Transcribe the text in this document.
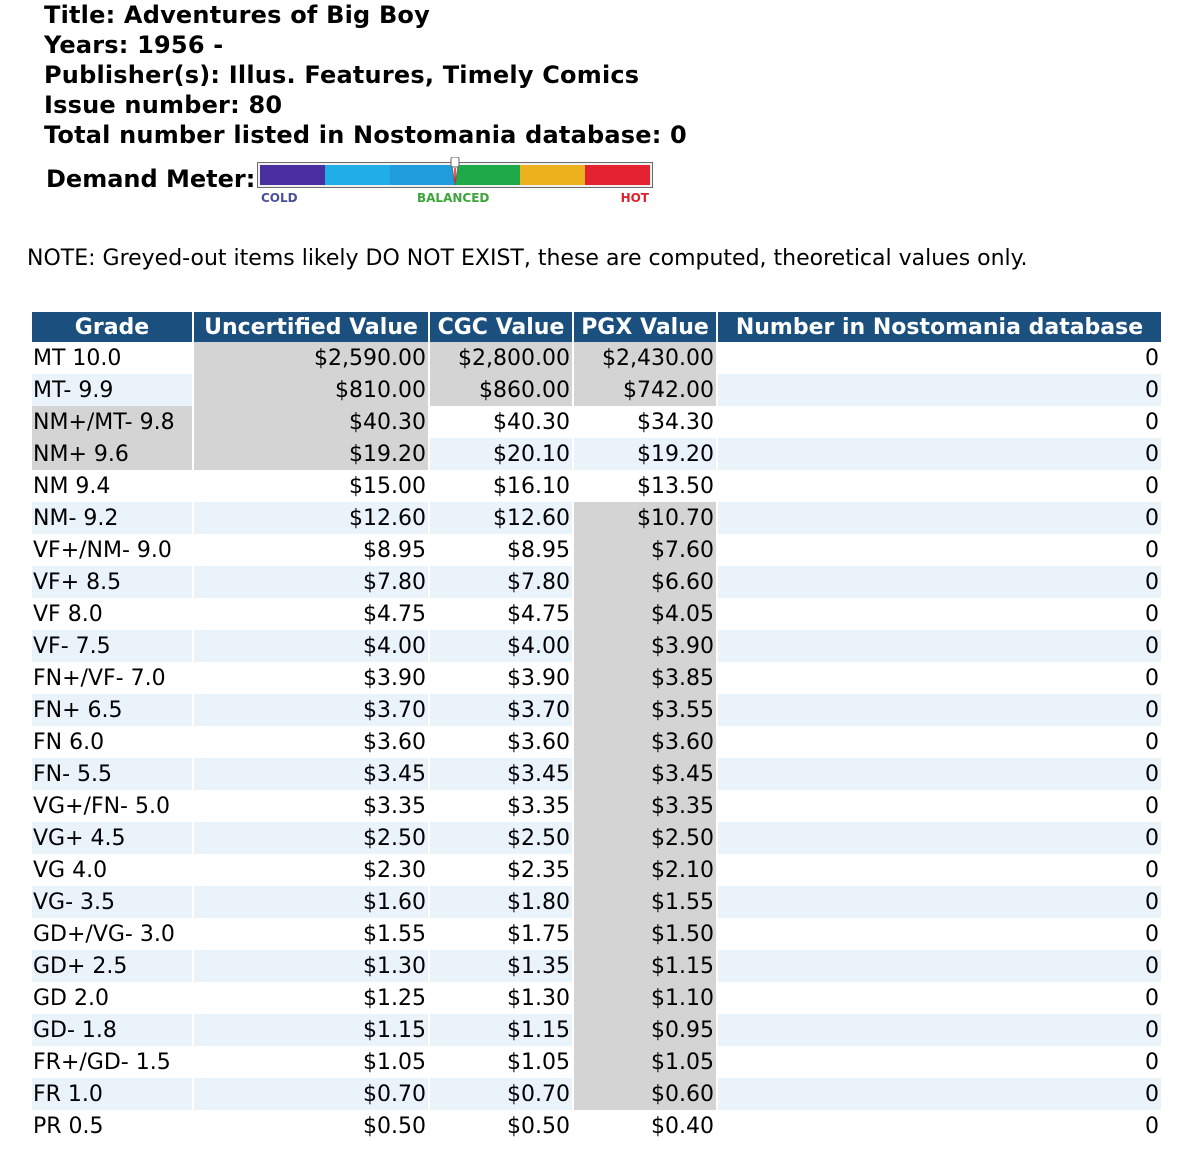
Title: Adventures of Big Boy
Years: 1956 -
Publisher(s): Illus. Features, Timely Comics
Issue number: 80
Total number listed in Nostomania database: 0
Demand Meter:
COLD	BALANCED	HOT
NOTE: Greyed-out items likely DO NOT EXIST, these are computed, theoretical values only.
Grade	Uncertified Value	CGC Value	PGX Value	Number in Nostomania database
MT 10.0	$2,590.00	$2,800.00	$2,430.00	0
MT- 9.9	$810.00	$860.00	$742.00	0
NM+/MT- 9.8	$40.30	$40.30	$34.30	0
NM+ 9.6	$19.20	$20.10	$19.20	0
NM 9.4	$15.00	$16.10	$13.50	0
NM- 9.2	$12.60	$12.60	$10.70	0
VF+/NM- 9.0	$8.95	$8.95	$7.60	0
VF+ 8.5	$7.80	$7.80	$6.60	0
VF 8.0	$4.75	$4.75	$4.05	0
VF- 7.5	$4.00	$4.00	$3.90	0
FN+/VF- 7.0	$3.90	$3.90	$3.85	0
FN+ 6.5	$3.70	$3.70	$3.55	0
FN 6.0	$3.60	$3.60	$3.60	0
FN- 5.5	$3.45	$3.45	$3.45	0
VG+/FN- 5.0	$3.35	$3.35	$3.35	0
VG+ 4.5	$2.50	$2.50	$2.50	0
VG 4.0	$2.30	$2.35	$2.10	0
VG- 3.5	$1.60	$1.80	$1.55	0
GD+/VG- 3.0	$1.55	$1.75	$1.50	0
GD+ 2.5	$1.30	$1.35	$1.15	0
GD 2.0	$1.25	$1.30	$1.10	0
GD- 1.8	$1.15	$1.15	$0.95	0
FR+/GD- 1.5	$1.05	$1.05	$1.05	0
FR 1.0	$0.70	$0.70	$0.60	0
PR 0.5	$0.50	$0.50	$0.40	0
